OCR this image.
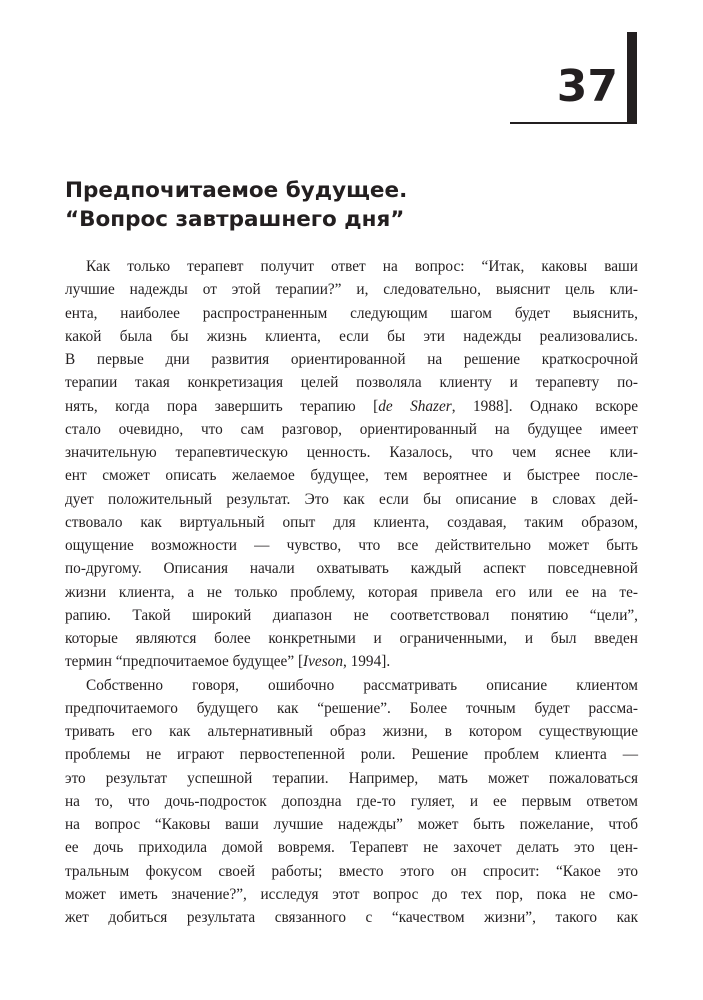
37
Предпочитаемое будущее.
“Вопрос завтрашнего дня”
Как только терапевт получит ответ на вопрос: “Итак, каковы ваши
лучшие надежды от этой терапии?” и, следовательно, выяснит цель кли-
ента, наиболее распространенным следующим шагом будет выяснить,
какой была бы жизнь клиента, если бы эти надежды реализовались.
В первые дни развития ориентированной на решение краткосрочной
терапии такая конкретизация целей позволяла клиенту и терапевту по-
нять, когда пора завершить терапию [de Shazer, 1988]. Однако вскоре
стало очевидно, что сам разговор, ориентированный на будущее имеет
значительную терапевтическую ценность. Казалось, что чем яснее кли-
ент сможет описать желаемое будущее, тем вероятнее и быстрее после-
дует положительный результат. Это как если бы описание в словах дей-
ствовало как виртуальный опыт для клиента, создавая, таким образом,
ощущение возможности — чувство, что все действительно может быть
по-другому. Описания начали охватывать каждый аспект повседневной
жизни клиента, а не только проблему, которая привела его или ее на те-
рапию. Такой широкий диапазон не соответствовал понятию “цели”,
которые являются более конкретными и ограниченными, и был введен
термин “предпочитаемое будущее” [Iveson, 1994].
Собственно говоря, ошибочно рассматривать описание клиентом
предпочитаемого будущего как “решение”. Более точным будет рассма-
тривать его как альтернативный образ жизни, в котором существующие
проблемы не играют первостепенной роли. Решение проблем клиента —
это результат успешной терапии. Например, мать может пожаловаться
на то, что дочь-подросток допоздна где-то гуляет, и ее первым ответом
на вопрос “Каковы ваши лучшие надежды” может быть пожелание, чтоб
ее дочь приходила домой вовремя. Терапевт не захочет делать это цен-
тральным фокусом своей работы; вместо этого он спросит: “Какое это
может иметь значение?”, исследуя этот вопрос до тех пор, пока не смо-
жет добиться результата связанного с “качеством жизни”, такого как
